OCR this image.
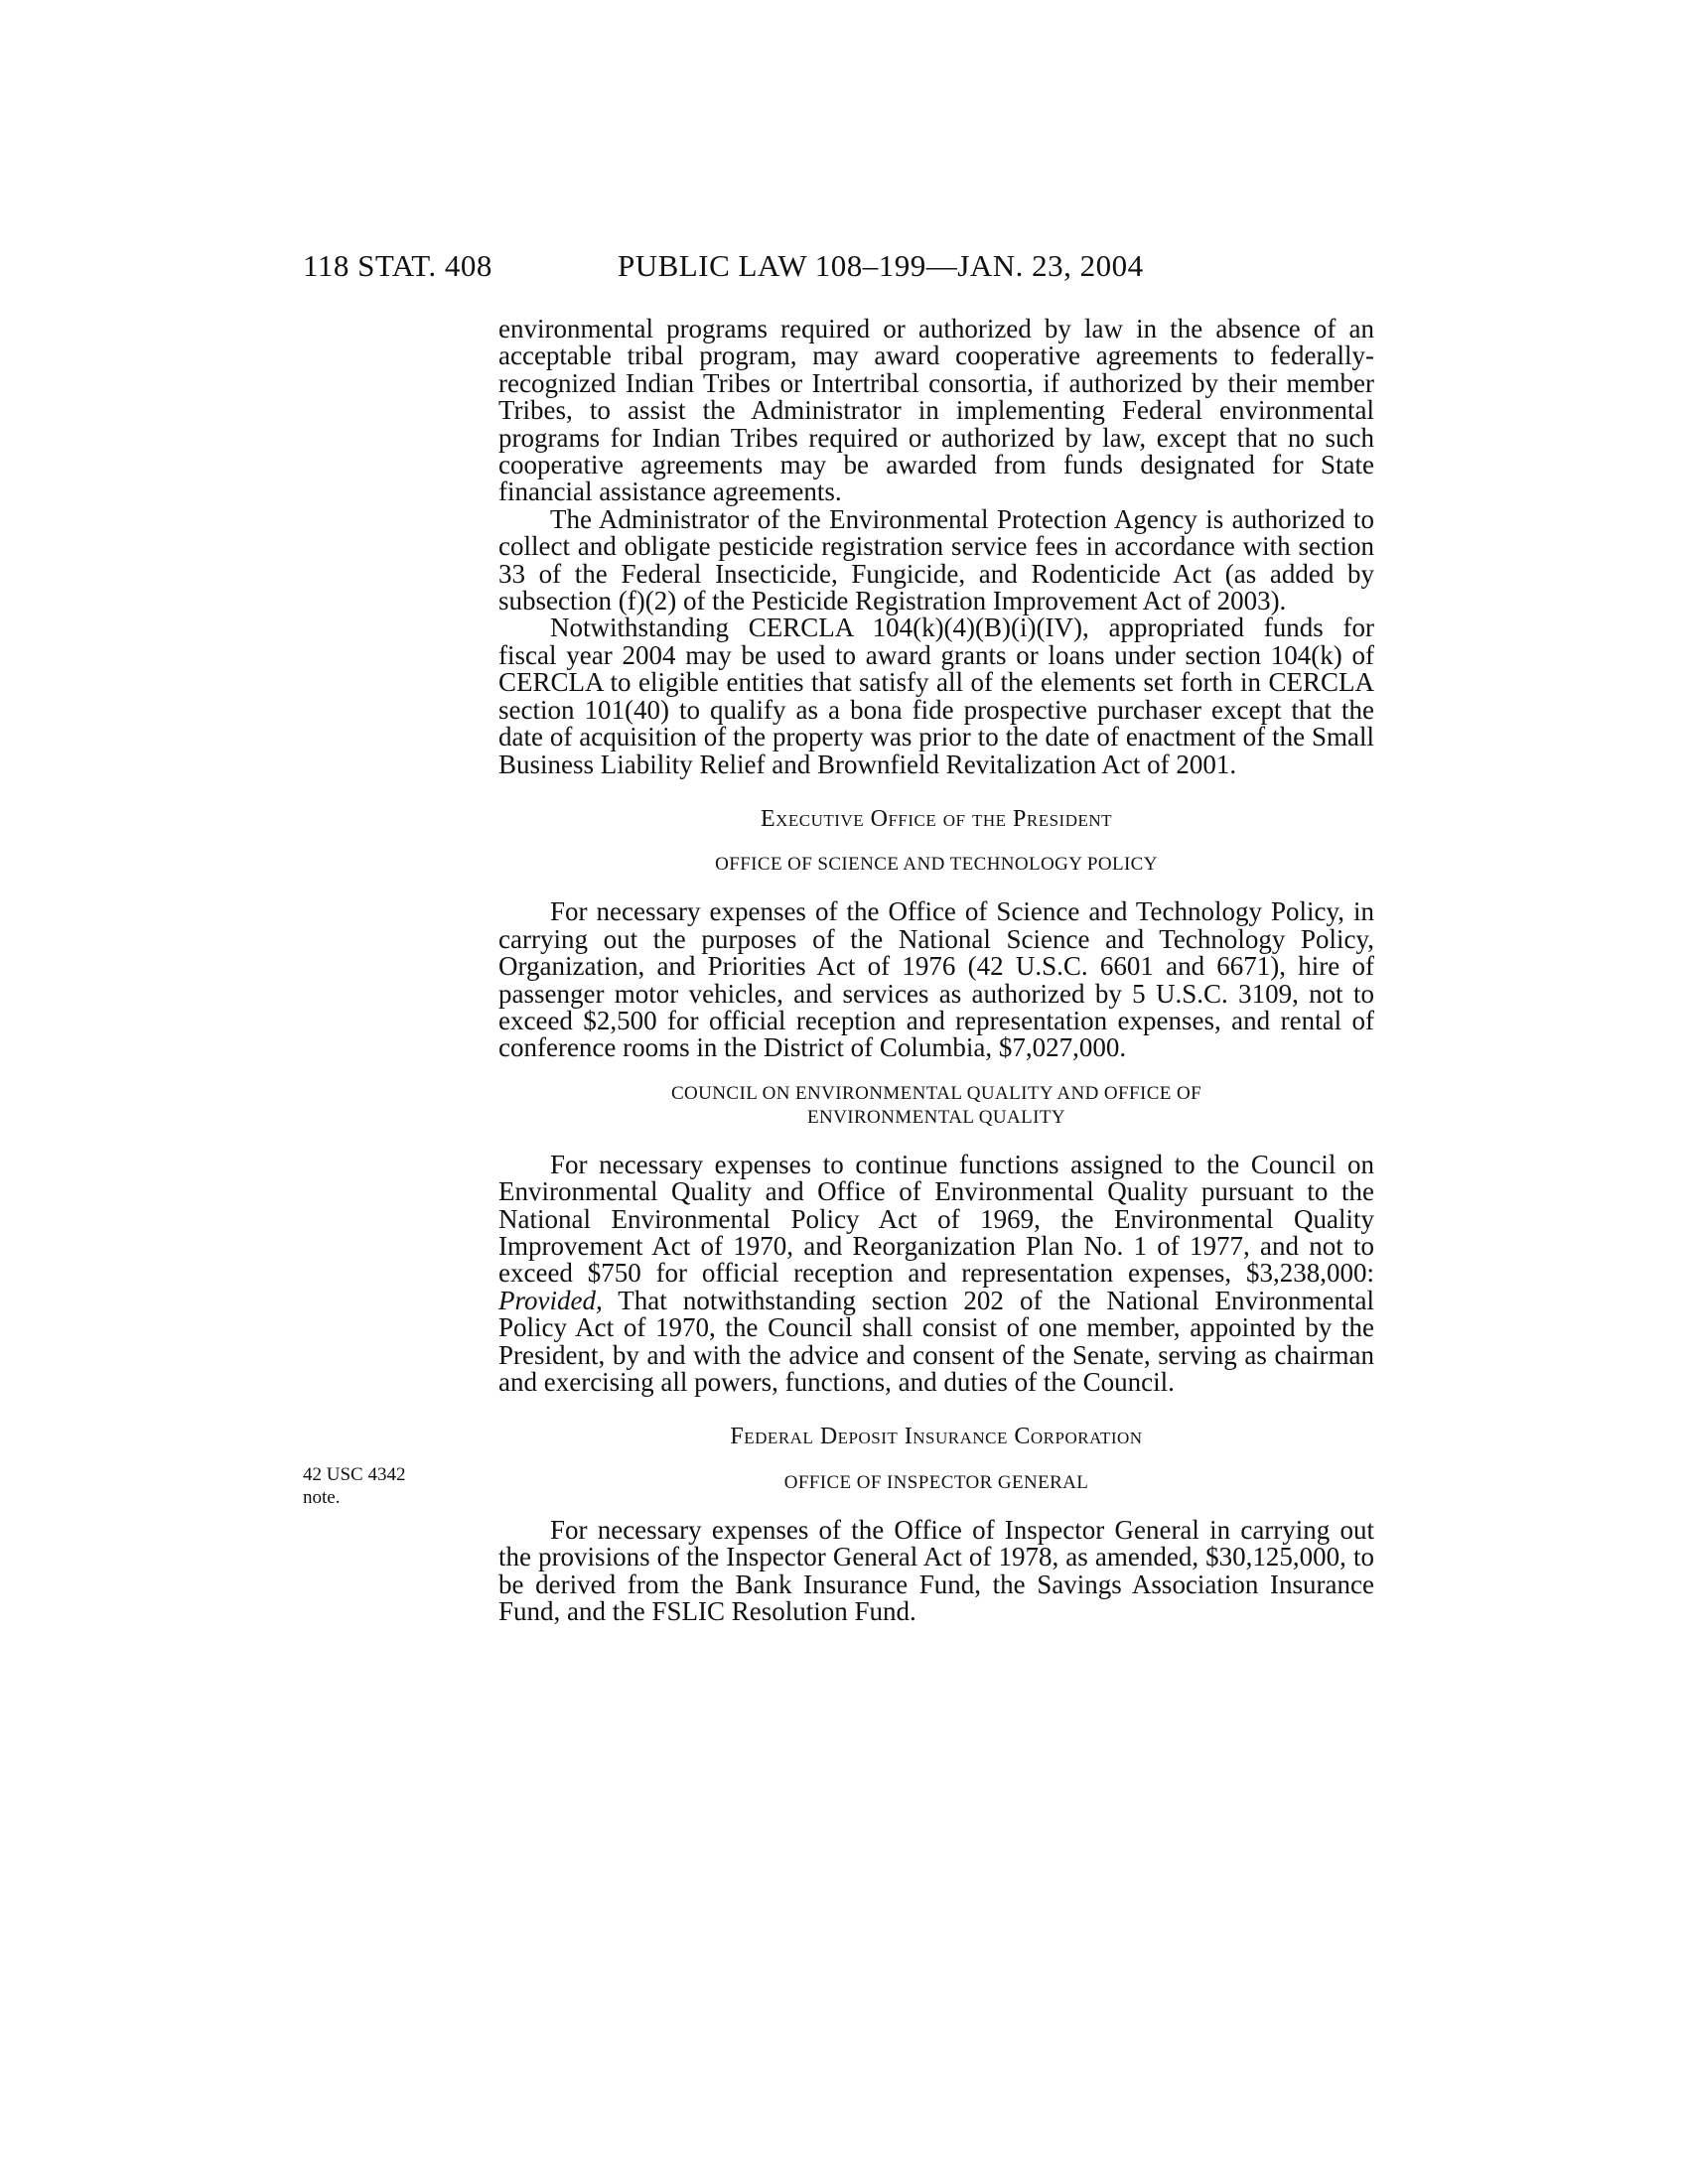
118 STAT. 408	PUBLIC LAW 108–199—JAN. 23, 2004
42 USC 4342
note.

environmental programs required or authorized by law in the absence of an acceptable tribal program, may award cooperative agreements to federally-recognized Indian Tribes or Intertribal consortia, if authorized by their member Tribes, to assist the Administrator in implementing Federal environmental programs for Indian Tribes required or authorized by law, except that no such cooperative agreements may be awarded from funds designated for State financial assistance agreements.

The Administrator of the Environmental Protection Agency is authorized to collect and obligate pesticide registration service fees in accordance with section 33 of the Federal Insecticide, Fungicide, and Rodenticide Act (as added by subsection (f)(2) of the Pesticide Registration Improvement Act of 2003).

Notwithstanding CERCLA 104(k)(4)(B)(i)(IV), appropriated funds for fiscal year 2004 may be used to award grants or loans under section 104(k) of CERCLA to eligible entities that satisfy all of the elements set forth in CERCLA section 101(40) to qualify as a bona fide prospective purchaser except that the date of acquisition of the property was prior to the date of enactment of the Small Business Liability Relief and Brownfield Revitalization Act of 2001.

Executive Office of the President
OFFICE OF SCIENCE AND TECHNOLOGY POLICY

For necessary expenses of the Office of Science and Technology Policy, in carrying out the purposes of the National Science and Technology Policy, Organization, and Priorities Act of 1976 (42 U.S.C. 6601 and 6671), hire of passenger motor vehicles, and services as authorized by 5 U.S.C. 3109, not to exceed $2,500 for official reception and representation expenses, and rental of conference rooms in the District of Columbia, $7,027,000.

COUNCIL ON ENVIRONMENTAL QUALITY AND OFFICE OF
ENVIRONMENTAL QUALITY

For necessary expenses to continue functions assigned to the Council on Environmental Quality and Office of Environmental Quality pursuant to the National Environmental Policy Act of 1969, the Environmental Quality Improvement Act of 1970, and Reorganization Plan No. 1 of 1977, and not to exceed $750 for official reception and representation expenses, $3,238,000: Provided, That notwithstanding section 202 of the National Environmental Policy Act of 1970, the Council shall consist of one member, appointed by the President, by and with the advice and consent of the Senate, serving as chairman and exercising all powers, functions, and duties of the Council.

Federal Deposit Insurance Corporation
OFFICE OF INSPECTOR GENERAL

For necessary expenses of the Office of Inspector General in carrying out the provisions of the Inspector General Act of 1978, as amended, $30,125,000, to be derived from the Bank Insurance Fund, the Savings Association Insurance Fund, and the FSLIC Resolution Fund.
